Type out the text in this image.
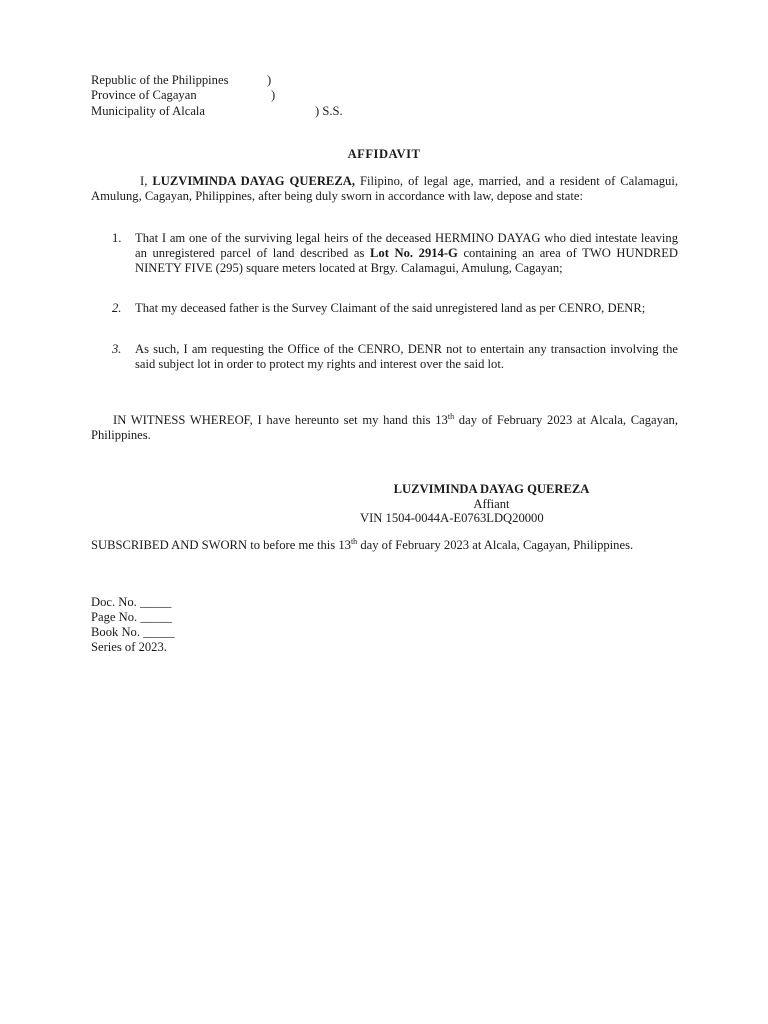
Republic of the Philippines	)
Province of Cagayan	)
Municipality of Alcala	) S.S.
AFFIDAVIT
I, LUZVIMINDA DAYAG QUEREZA, Filipino, of legal age, married, and a resident of Calamagui, Amulung, Cagayan, Philippines, after being duly sworn in accordance with law, depose and state:
1. That I am one of the surviving legal heirs of the deceased HERMINO DAYAG who died intestate leaving an unregistered parcel of land described as Lot No. 2914-G containing an area of TWO HUNDRED NINETY FIVE (295) square meters located at Brgy. Calamagui, Amulung, Cagayan;
2. That my deceased father is the Survey Claimant of the said unregistered land as per CENRO, DENR;
3. As such, I am requesting the Office of the CENRO, DENR not to entertain any transaction involving the said subject lot in order to protect my rights and interest over the said lot.
IN WITNESS WHEREOF, I have hereunto set my hand this 13th day of February 2023 at Alcala, Cagayan, Philippines.
LUZVIMINDA DAYAG QUEREZA
Affiant
VIN 1504-0044A-E0763LDQ20000
SUBSCRIBED AND SWORN to before me this 13th day of February 2023 at Alcala, Cagayan, Philippines.
Doc. No. _____
Page No. _____
Book No. _____
Series of 2023.
